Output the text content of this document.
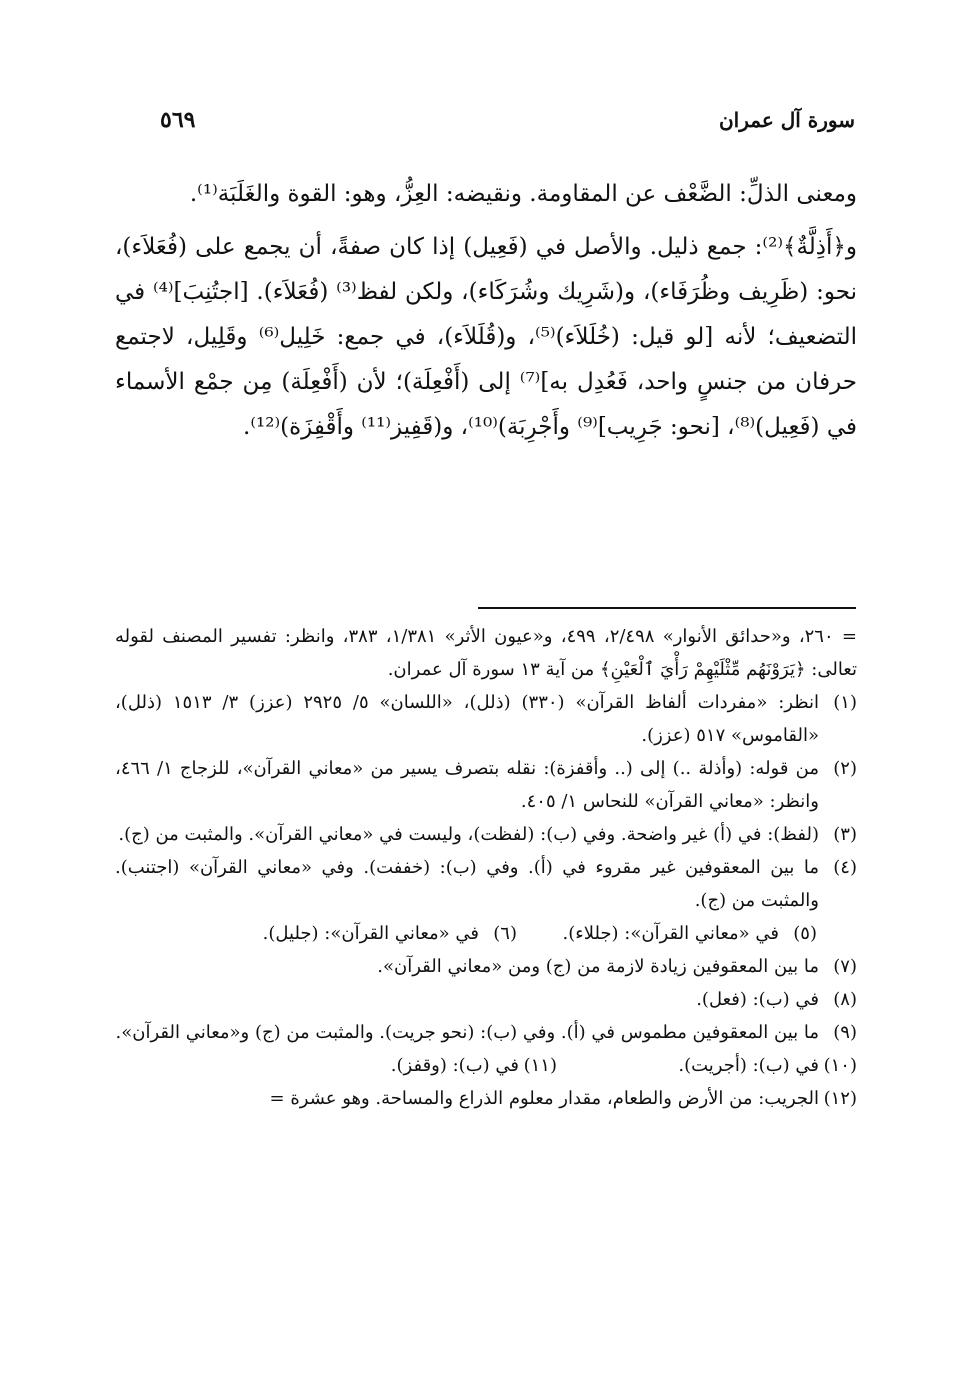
سورة آل عمران
٥٦٩

ومعنى الذلِّ: الضَّعْف عن المقاومة. ونقيضه: العِزُّ، وهو: القوة والغَلَبَة⁽¹⁾.

و﴿أَذِلَّةٌ﴾⁽²⁾: جمع ذليل. والأصل في (فَعِيل) إذا كان صفةً، أن يجمع على (فُعَلاَء)، نحو: (ظَرِيف وظُرَفَاء)، و(شَرِيك وشُرَكَاء)، ولكن لفظ⁽³⁾ (فُعَلاَء). [اجتُنِبَ]⁽⁴⁾ في التضعيف؛ لأنه [لو قيل: (خُلَلاَء)⁽⁵⁾، و(قُلَلاَء)، في جمع: خَلِيل⁽⁶⁾ وقَلِيل، لاجتمع حرفان من جنسٍ واحد، فَعُدِل به]⁽⁷⁾ إلى (أَفْعِلَة)؛ لأن (أَفْعِلَة) مِن جمْع الأسماء في (فَعِيل)⁽⁸⁾، [نحو: جَرِيب]⁽⁹⁾ وأَجْرِبَة)⁽¹⁰⁾، و(قَفِيز⁽¹¹⁾ وأَقْفِزَة)⁽¹²⁾.

= ٢٦٠، و«حدائق الأنوار» ٢/٤٩٨، ٤٩٩، و«عيون الأثر» ١/٣٨١، ٣٨٣، وانظر: تفسير المصنف لقوله تعالى: ﴿يَرَوْنَهُم مِّثْلَيْهِمْ رَأْيَ ٱلْعَيْنِ﴾ من آية ١٣ سورة آل عمران.
(١)
انظر: «مفردات ألفاظ القرآن» (٣٣٠) (ذلل)، «اللسان» ٥/ ٢٩٢٥ (عزز) ٣/ ١٥١٣ (ذلل)، «القاموس» ٥١٧ (عزز).
(٢)
من قوله: (وأذلة ..) إلى (.. وأقفزة): نقله بتصرف يسير من «معاني القرآن»، للزجاج ١/ ٤٦٦، وانظر: «معاني القرآن» للنحاس ١/ ٤٠٥.
(٣)
(لفظ): في (أ) غير واضحة. وفي (ب): (لفظت)، وليست في «معاني القرآن». والمثبت من (ج).
(٤)
ما بين المعقوفين غير مقروء في (أ). وفي (ب): (خففت). وفي «معاني القرآن» (اجتنب). والمثبت من (ج).
(٥)
في «معاني القرآن»: (جللاء).
(٦)
في «معاني القرآن»: (جليل).
(٧)
ما بين المعقوفين زيادة لازمة من (ج) ومن «معاني القرآن».
(٨)
في (ب): (فعل).
(٩)
ما بين المعقوفين مطموس في (أ). وفي (ب): (نحو جريت). والمثبت من (ج) و«معاني القرآن».
(١٠)
في (ب): (أجريت).
(١١)
في (ب): (وقفز).
(١٢)
الجريب: من الأرض والطعام، مقدار معلوم الذراع والمساحة. وهو عشرة =
